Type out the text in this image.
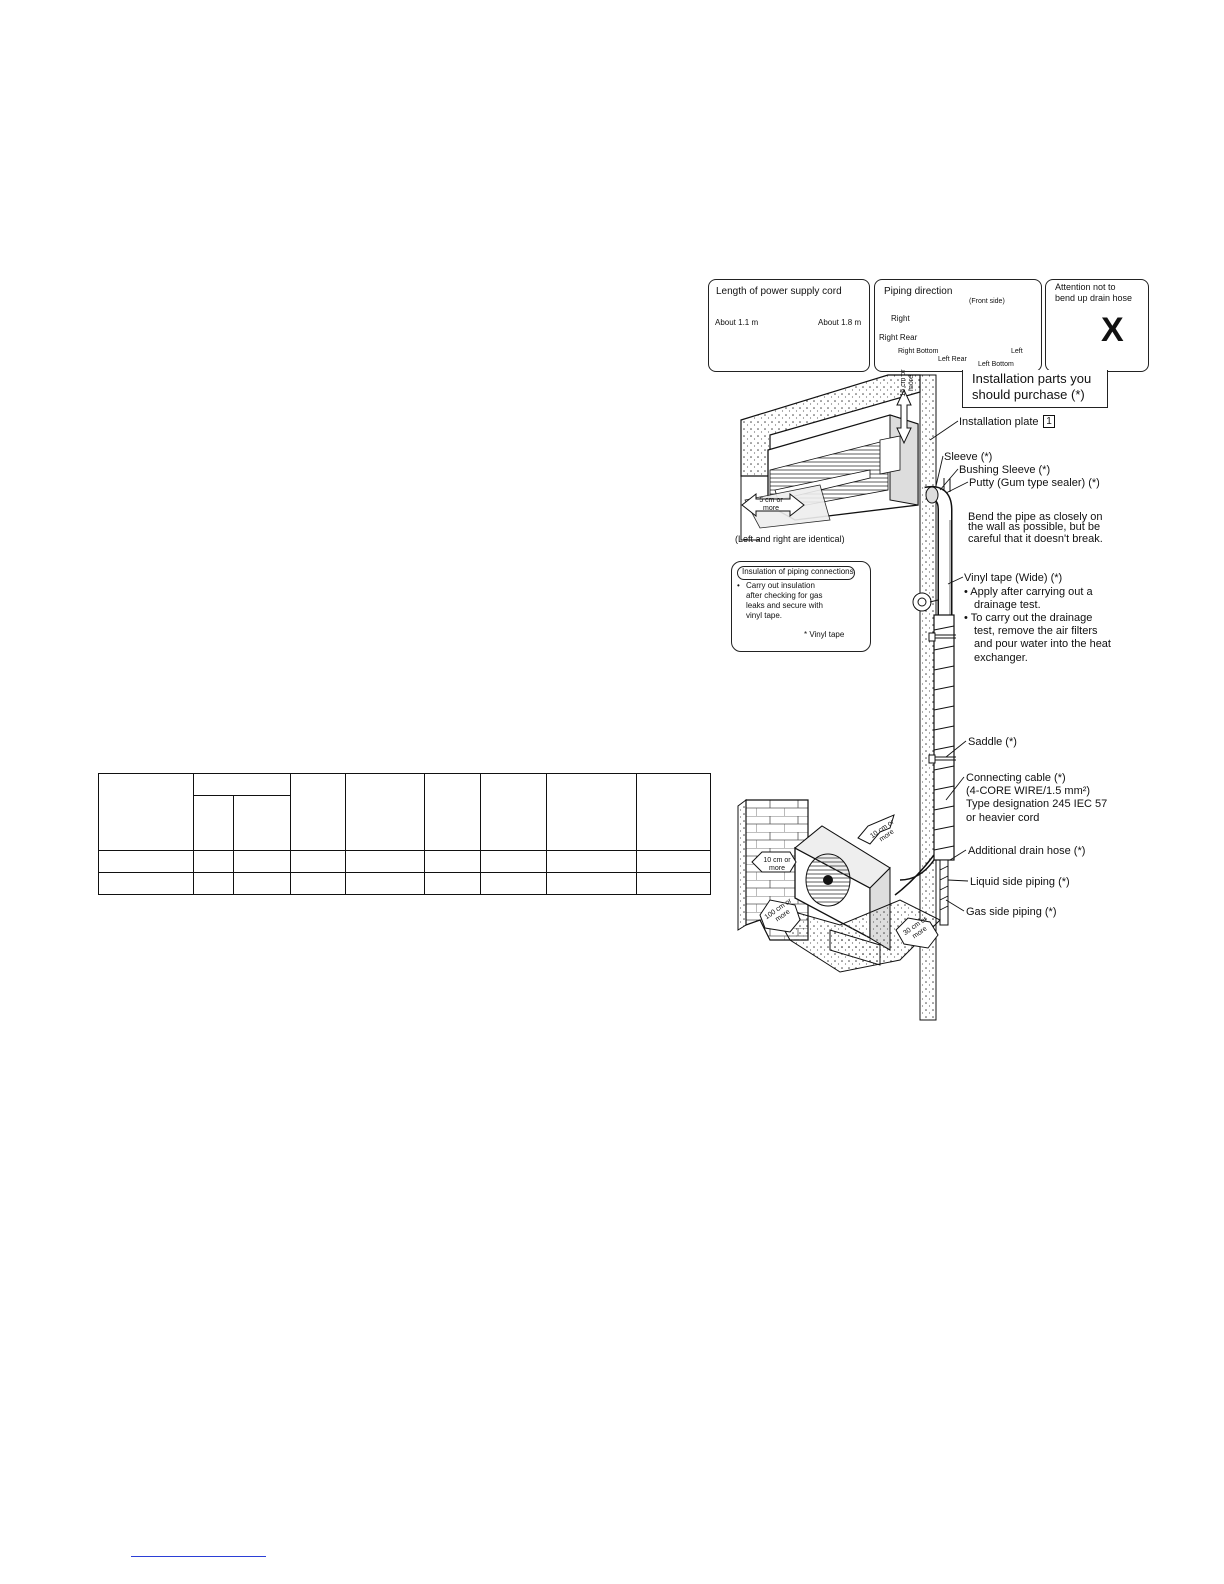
Length of power supply cord
About 1.1 m	About 1.8 m
Piping direction
(Front side)
Right
Right Rear
Right Bottom
Left Rear
Left
Left Bottom
Attention not to
bend up drain hose
X
Installation parts you
should purchase (*)
15 cm or more
5 cm or more
(Left and right are identical)
Insulation of piping connections
• Carry out insulation
after checking for gas
leaks and secure with
vinyl tape.
* Vinyl tape
Installation plate 1
Sleeve (*)
Bushing Sleeve (*)
Putty (Gum type sealer) (*)
Bend the pipe as closely on
the wall as possible, but be
careful that it doesn't break.
Vinyl tape (Wide) (*)
• Apply after carrying out a
drainage test.
• To carry out the drainage
test, remove the air filters
and pour water into the heat
exchanger.
Saddle (*)
Connecting cable (*)
(4-CORE WIRE/1.5 mm²)
Type designation 245 IEC 57
or heavier cord
Additional drain hose (*)
Liquid side piping (*)
Gas side piping (*)
10 cm or more
10 cm or more
100 cm or more	30 cm or more
